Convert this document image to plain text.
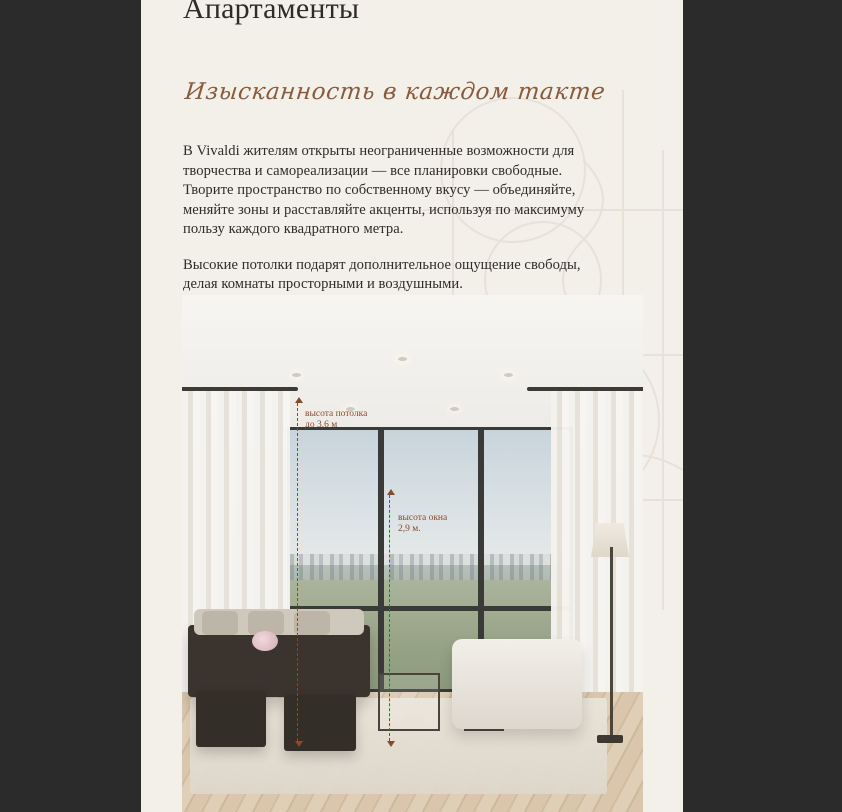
Апартаменты
Изысканность в каждом такте

В Vivaldi жителям открыты неограниченные возможности для творчества и самореализации — все планировки свободные. Творите пространство по собственному вкусу — объединяйте, меняйте зоны и расставляйте акценты, используя по максимуму пользу каждого квадратного метра.

Высокие потолки подарят дополнительное ощущение свободы, делая комнаты просторными и воздушными.

высота потолка
до 3,6 м
высота окна
2,9 м.
